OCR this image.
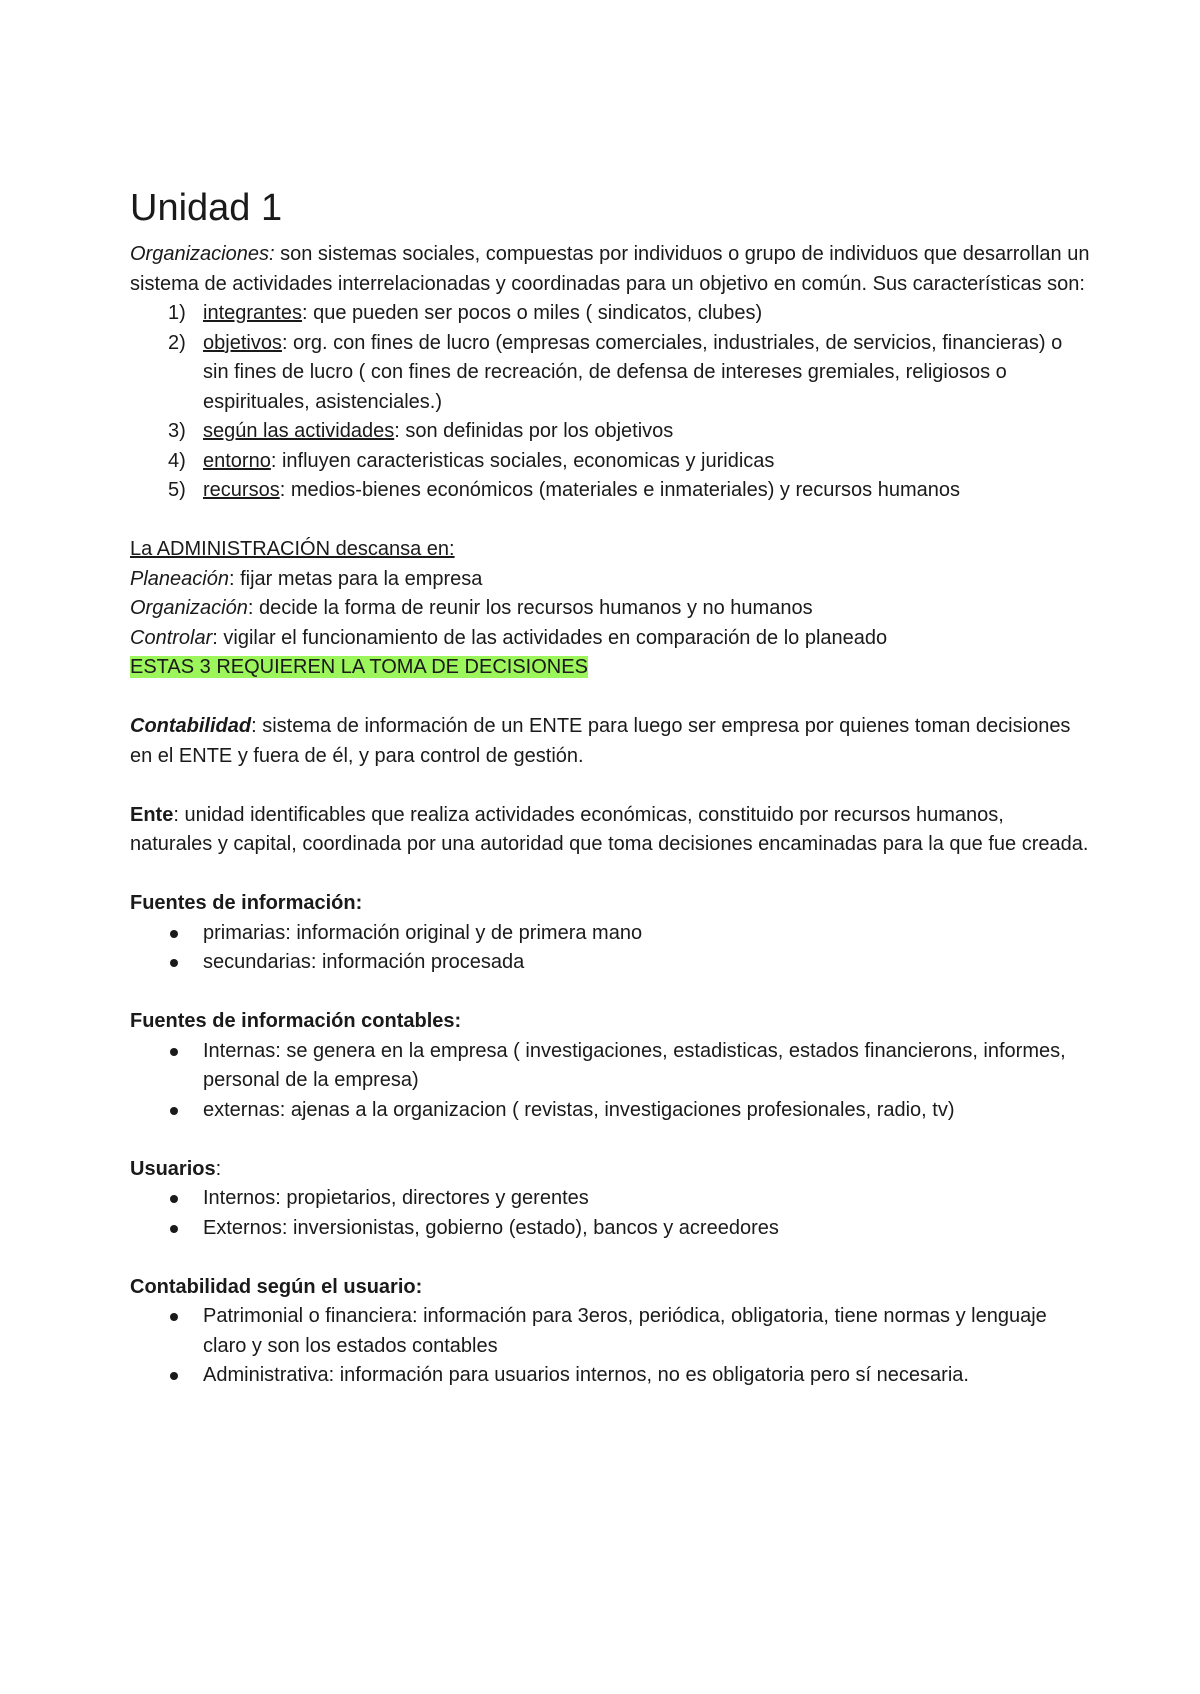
Unidad 1

Organizaciones: son sistemas sociales, compuestas por individuos o grupo de individuos que desarrollan un sistema de actividades interrelacionadas y coordinadas para un objetivo en común. Sus características son:

1) integrantes: que pueden ser pocos o miles ( sindicatos, clubes)
2) objetivos: org. con fines de lucro (empresas comerciales, industriales, de servicios, financieras) o sin fines de lucro ( con fines de recreación, de defensa de intereses gremiales, religiosos o espirituales, asistenciales.)
3) según las actividades: son definidas por los objetivos
4) entorno: influyen caracteristicas sociales, economicas y juridicas
5) recursos: medios-bienes económicos (materiales e inmateriales) y recursos humanos

La ADMINISTRACIÓN descansa en:

Planeación: fijar metas para la empresa

Organización: decide la forma de reunir los recursos humanos y no humanos

Controlar: vigilar el funcionamiento de las actividades en comparación de lo planeado

ESTAS 3 REQUIEREN LA TOMA DE DECISIONES

Contabilidad: sistema de información de un ENTE para luego ser empresa por quienes toman decisiones en el ENTE y fuera de él, y para control de gestión.

Ente: unidad identificables que realiza actividades económicas, constituido por recursos humanos, naturales y capital, coordinada por una autoridad que toma decisiones encaminadas para la que fue creada.

Fuentes de información:

primarias: información original y de primera mano
secundarias: información procesada

Fuentes de información contables:

Internas: se genera en la empresa ( investigaciones, estadisticas, estados financierons, informes, personal de la empresa)
externas: ajenas a la organizacion ( revistas, investigaciones profesionales, radio, tv)

Usuarios:

Internos: propietarios, directores y gerentes
Externos: inversionistas, gobierno (estado), bancos y acreedores

Contabilidad según el usuario:

Patrimonial o financiera: información para 3eros, periódica, obligatoria, tiene normas y lenguaje claro y son los estados contables
Administrativa: información para usuarios internos, no es obligatoria pero sí necesaria.
